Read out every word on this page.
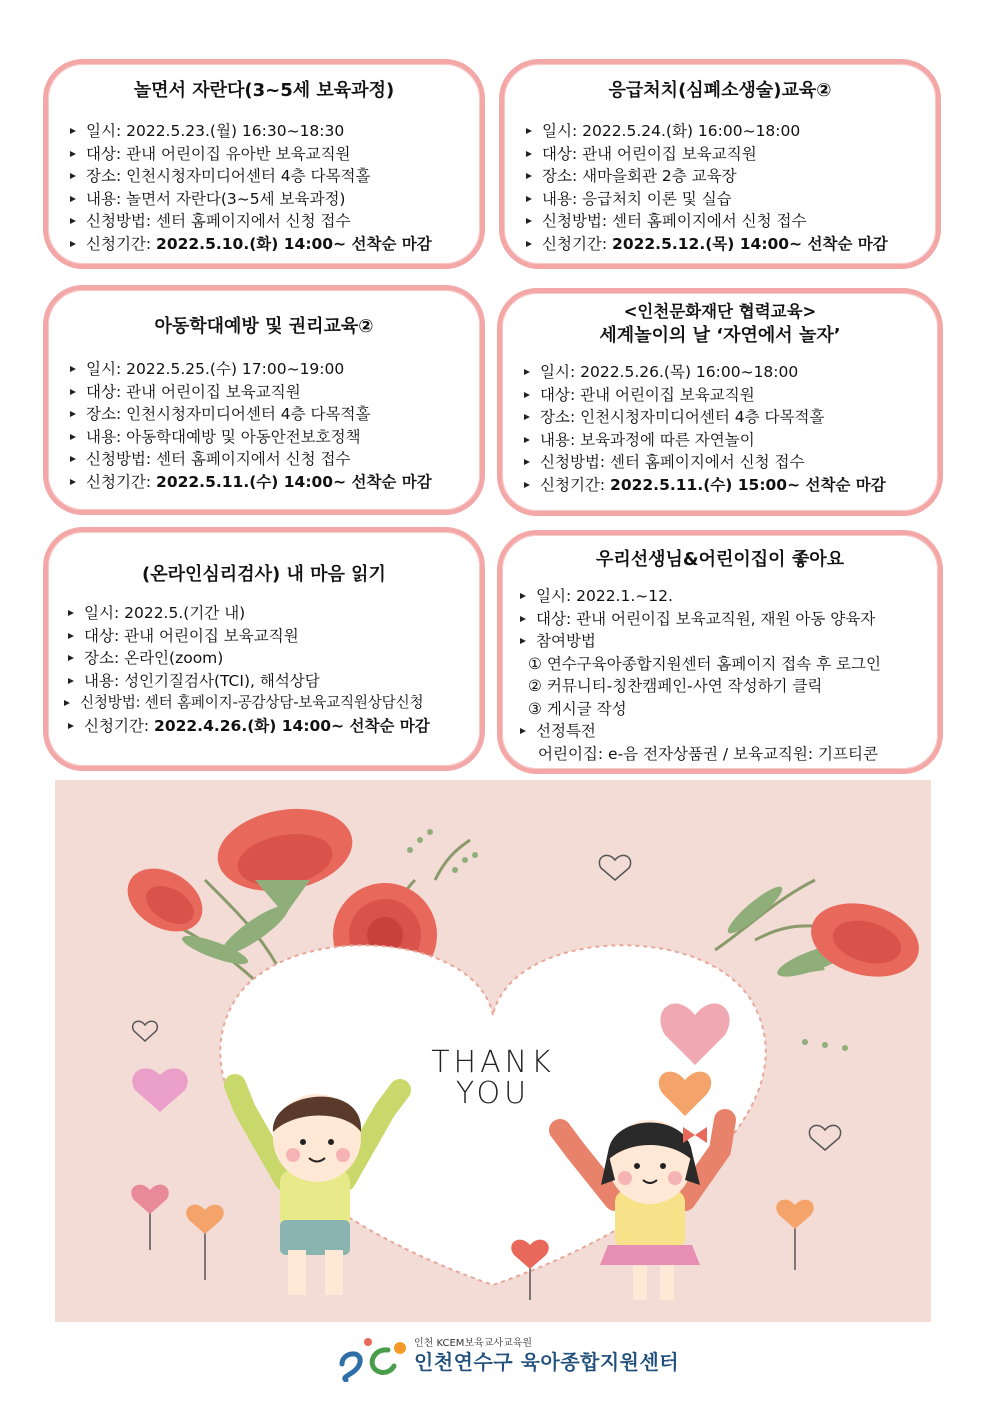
놀면서 자란다(3~5세 보육과정)
일시: 2022.5.23.(월) 16:30~18:30
대상: 관내 어린이집 유아반 보육교직원
장소: 인천시청자미디어센터 4층 다목적홀
내용: 놀면서 자란다(3~5세 보육과정)
신청방법: 센터 홈페이지에서 신청 접수
신청기간: 2022.5.10.(화) 14:00~ 선착순 마감
응급처치(심폐소생술)교육②
일시: 2022.5.24.(화) 16:00~18:00
대상: 관내 어린이집 보육교직원
장소: 새마을회관 2층 교육장
내용: 응급처치 이론 및 실습
신청방법: 센터 홈페이지에서 신청 접수
신청기간: 2022.5.12.(목) 14:00~ 선착순 마감
아동학대예방 및 권리교육②
일시: 2022.5.25.(수) 17:00~19:00
대상: 관내 어린이집 보육교직원
장소: 인천시청자미디어센터 4층 다목적홀
내용: 아동학대예방 및 아동안전보호정책
신청방법: 센터 홈페이지에서 신청 접수
신청기간: 2022.5.11.(수) 14:00~ 선착순 마감
<인천문화재단 협력교육>
세계놀이의 날 ‘자연에서 놀자’
일시: 2022.5.26.(목) 16:00~18:00
대상: 관내 어린이집 보육교직원
장소: 인천시청자미디어센터 4층 다목적홀
내용: 보육과정에 따른 자연놀이
신청방법: 센터 홈페이지에서 신청 접수
신청기간: 2022.5.11.(수) 15:00~ 선착순 마감
(온라인심리검사) 내 마음 읽기
일시: 2022.5.(기간 내)
대상: 관내 어린이집 보육교직원
장소: 온라인(zoom)
내용: 성인기질검사(TCI), 해석상담
신청방법: 센터 홈페이지-공감상담-보육교직원상담신청
신청기간: 2022.4.26.(화) 14:00~ 선착순 마감
우리선생님&어린이집이 좋아요
일시: 2022.1.~12.
대상: 관내 어린이집 보육교직원, 재원 아동 양육자
참여방법
① 연수구육아종합지원센터 홈페이지 접속 후 로그인
② 커뮤니티-칭찬캠페인-사연 작성하기 클릭
③ 게시글 작성
선정특전
어린이집: e-음 전자상품권 / 보육교직원: 기프티콘
THANK
YOU
인천 KCEM보육교사교육원
인천연수구 육아종합지원센터
